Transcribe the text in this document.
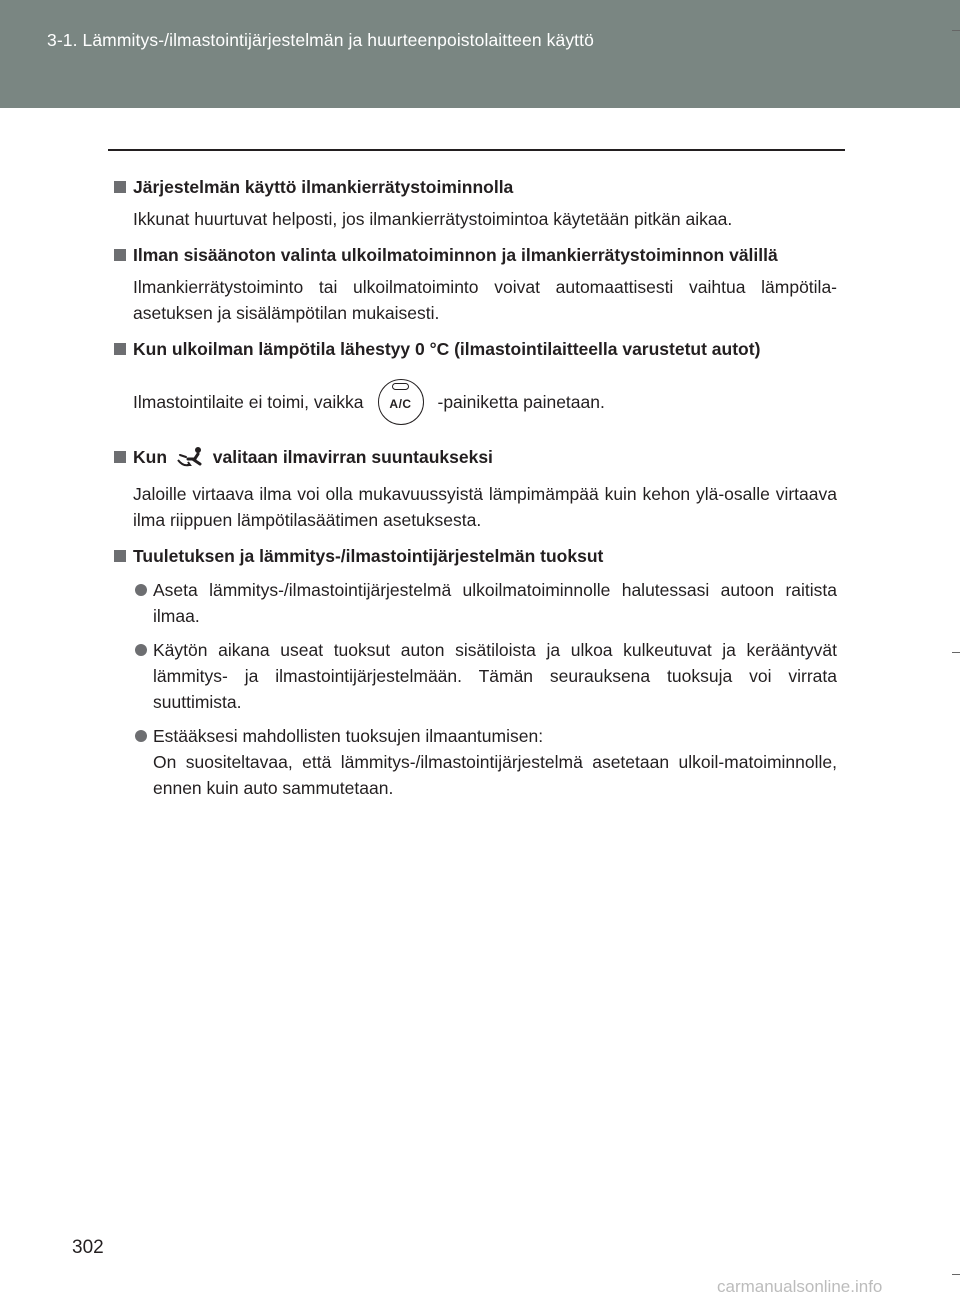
3-1. Lämmitys-/ilmastointijärjestelmän ja huurteenpoistolaitteen käyttö
Järjestelmän käyttö ilmankierrätystoiminnolla
Ikkunat huurtuvat helposti, jos ilmankierrätystoimintoa käytetään pitkän aikaa.
Ilman sisäänoton valinta ulkoilmatoiminnon ja ilmankierrätystoiminnon välillä
Ilmankierrätystoiminto tai ulkoilmatoiminto voivat automaattisesti vaihtua lämpötila-asetuksen ja sisälämpötilan mukaisesti.
Kun ulkoilman lämpötila lähestyy 0 °C (ilmastointilaitteella varustetut autot)
Ilmastointilaite ei toimi, vaikka	A/C	-painiketta painetaan.
Kun	valitaan ilmavirran suuntaukseksi
Jaloille virtaava ilma voi olla mukavuussyistä lämpimämpää kuin kehon ylä-osalle virtaava ilma riippuen lämpötilasäätimen asetuksesta.
Tuuletuksen ja lämmitys-/ilmastointijärjestelmän tuoksut
Aseta lämmitys-/ilmastointijärjestelmä ulkoilmatoiminnolle halutessasi autoon raitista ilmaa.
Käytön aikana useat tuoksut auton sisätiloista ja ulkoa kulkeutuvat ja kerääntyvät lämmitys- ja ilmastointijärjestelmään. Tämän seurauksena tuoksuja voi virrata suuttimista.
Estääksesi mahdollisten tuoksujen ilmaantumisen:
On suositeltavaa, että lämmitys-/ilmastointijärjestelmä asetetaan ulkoil-matoiminnolle, ennen kuin auto sammutetaan.
302
carmanualsonline.info
